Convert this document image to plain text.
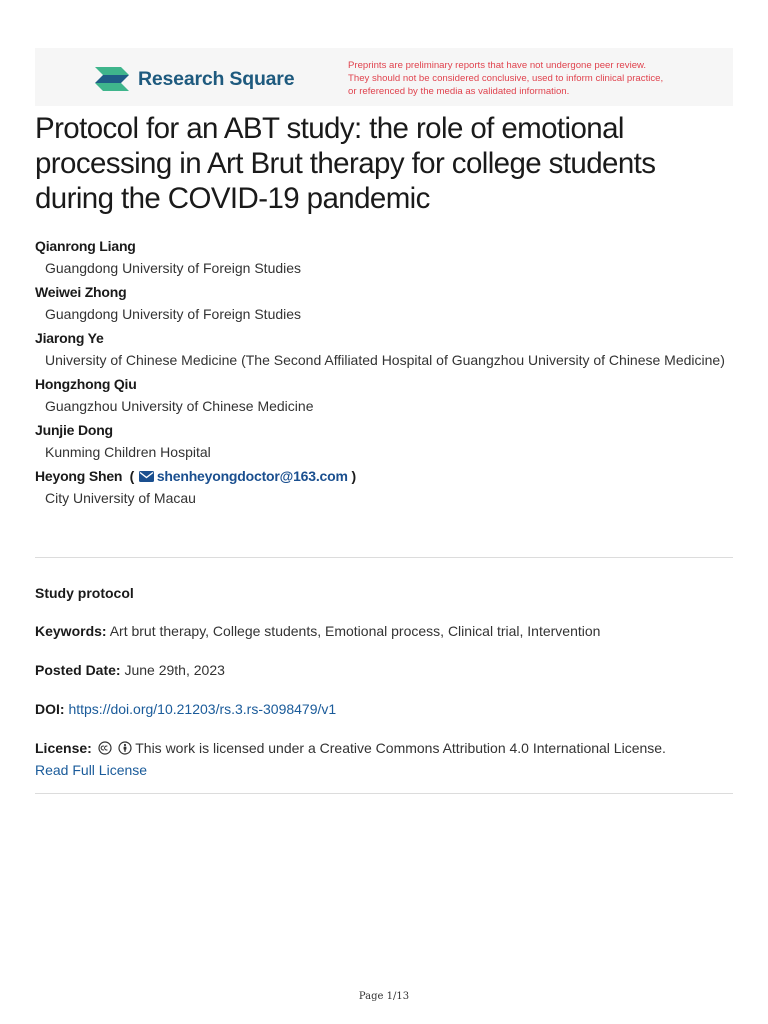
Research Square
Preprints are preliminary reports that have not undergone peer review.
They should not be considered conclusive, used to inform clinical practice,
or referenced by the media as validated information.
Protocol for an ABT study: the role of emotional processing in Art Brut therapy for college students during the COVID-19 pandemic
Qianrong Liang
Guangdong University of Foreign Studies
Weiwei Zhong
Guangdong University of Foreign Studies
Jiarong Ye
University of Chinese Medicine (The Second Affiliated Hospital of Guangzhou University of Chinese Medicine)
Hongzhong Qiu
Guangzhou University of Chinese Medicine
Junjie Dong
Kunming Children Hospital
Heyong Shen  ( shenheyongdoctor@163.com )
City University of Macau
Study protocol
Keywords: Art brut therapy, College students, Emotional process, Clinical trial, Intervention
Posted Date: June 29th, 2023
DOI: https://doi.org/10.21203/rs.3.rs-3098479/v1
License:	This work is licensed under a Creative Commons Attribution 4.0 International License.
Read Full License
Page 1/13
